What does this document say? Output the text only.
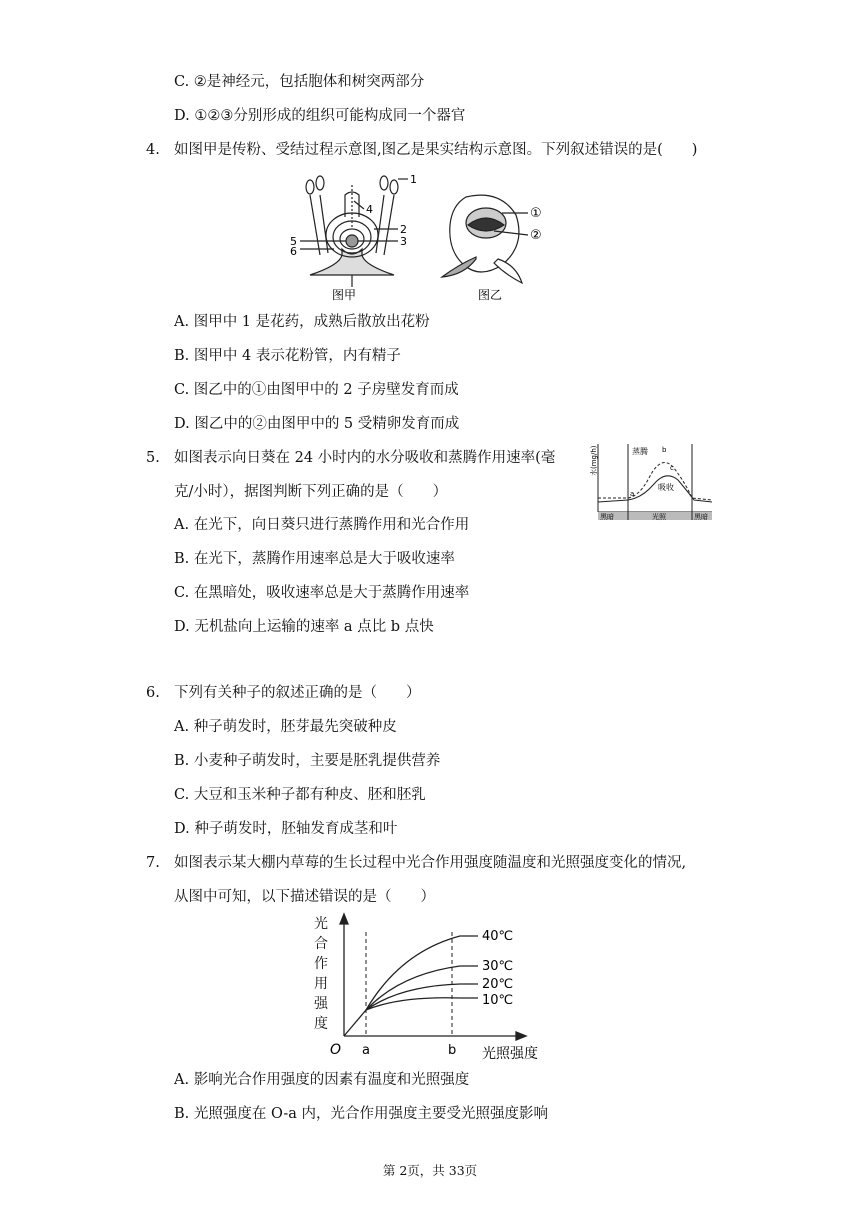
C. ②是神经元，包括胞体和树突两部分
D. ①②③分别形成的组织可能构成同一个器官
4. 如图甲是传粉、受结过程示意图,图乙是果实结构示意图。下列叙述错误的是(　　)
1
4
2
5	3
6
图甲
①
②
图乙
A. 图甲中 1 是花药，成熟后散放出花粉
B. 图甲中 4 表示花粉管，内有精子
C. 图乙中的①由图甲中的 2 子房壁发育而成
D. 图乙中的②由图甲中的 5 受精卵发育而成
5. 如图表示向日葵在 24 小时内的水分吸收和蒸腾作用速率(毫
克/小时），据图判断下列正确的是（　　）
水(mg/h)	蒸腾
吸收
a
b
c
黑暗	光照	黑暗
A. 在光下，向日葵只进行蒸腾作用和光合作用
B. 在光下，蒸腾作用速率总是大于吸收速率
C. 在黑暗处，吸收速率总是大于蒸腾作用速率
D. 无机盐向上运输的速率 a 点比 b 点快
6. 下列有关种子的叙述正确的是（　　）
A. 种子萌发时，胚芽最先突破种皮
B. 小麦种子萌发时，主要是胚乳提供营养
C. 大豆和玉米种子都有种皮、胚和胚乳
D. 种子萌发时，胚轴发育成茎和叶
7. 如图表示某大棚内草莓的生长过程中光合作用强度随温度和光照强度变化的情况,
从图中可知，以下描述错误的是（　　）
光
合
作
用
强
度
O a	b 光照强度
40℃
30℃
20℃
10℃
A. 影响光合作用强度的因素有温度和光照强度
B. 光照强度在 O-a 内，光合作用强度主要受光照强度影响
第 2页，共 33页
